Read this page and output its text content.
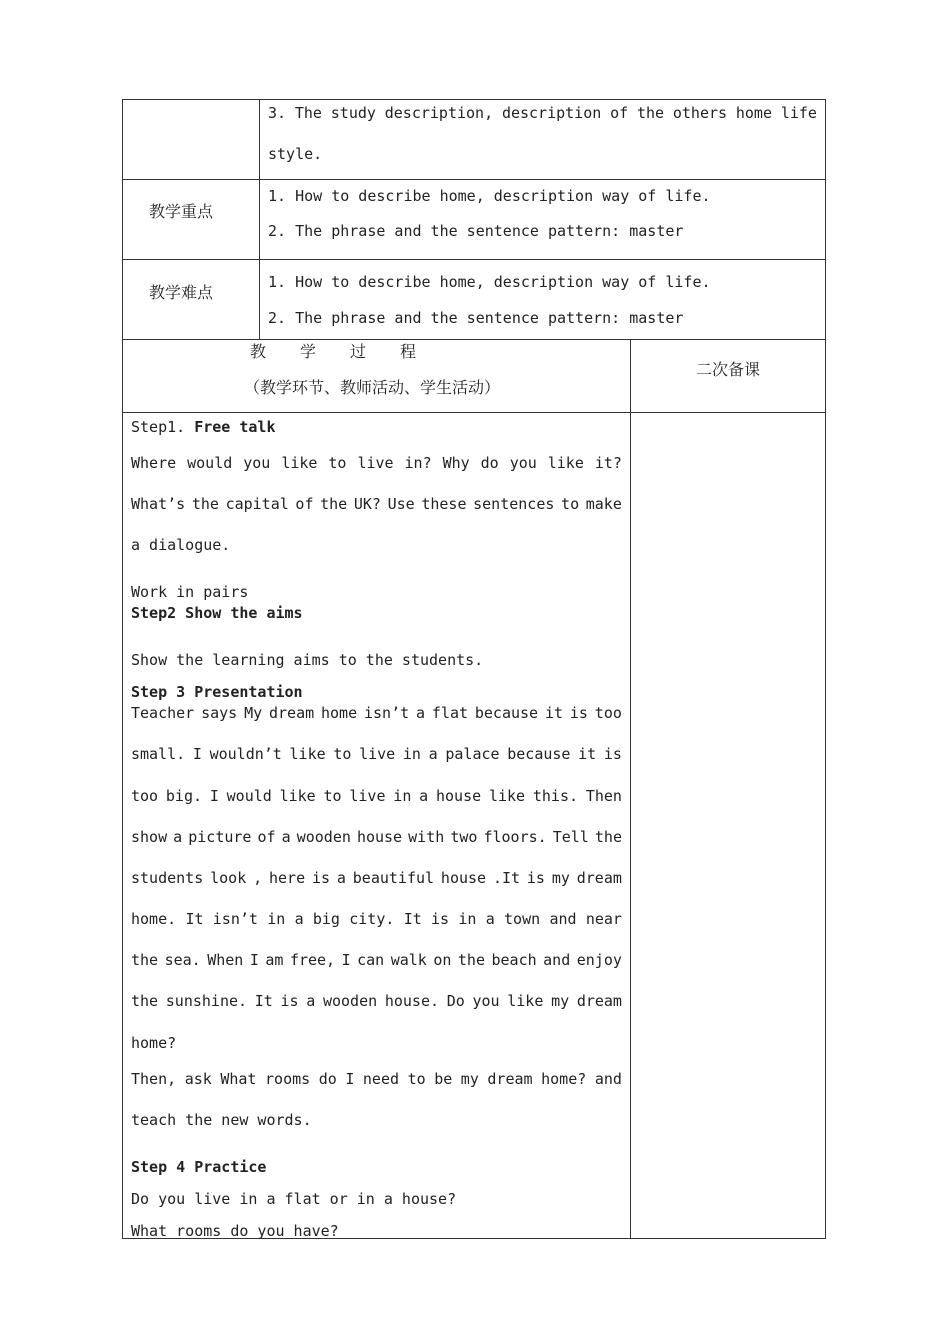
3. The study description, description of the others home life
style.
教学重点
1. How to describe home, description way of life.
2. The phrase and the sentence pattern: master
教学难点
1. How to describe home, description way of life.
2. The phrase and the sentence pattern: master
教 学 过 程
（教学环节、教师活动、学生活动）
二次备课
Step1. Free talk
Where would you like to live in? Why do you like it?
What’s the capital of the UK? Use these sentences to make
a dialogue.
Work in pairs
Step2 Show the aims
Show the learning aims to the students.
Step 3 Presentation
Teacher says My dream home isn’t a flat because it is too
small. I wouldn’t like to live in a palace because it is
too big. I would like to live in a house like this. Then
show a picture of a wooden house with two floors. Tell the
students look , here is a beautiful house .It is my dream
home. It isn’t in a big city. It is in a town and near
the sea. When I am free, I can walk on the beach and enjoy
the sunshine. It is a wooden house. Do you like my dream
home?
Then, ask What rooms do I need to be my dream home? and
teach the new words.
Step 4 Practice
Do you live in a flat or in a house?
What rooms do you have?
